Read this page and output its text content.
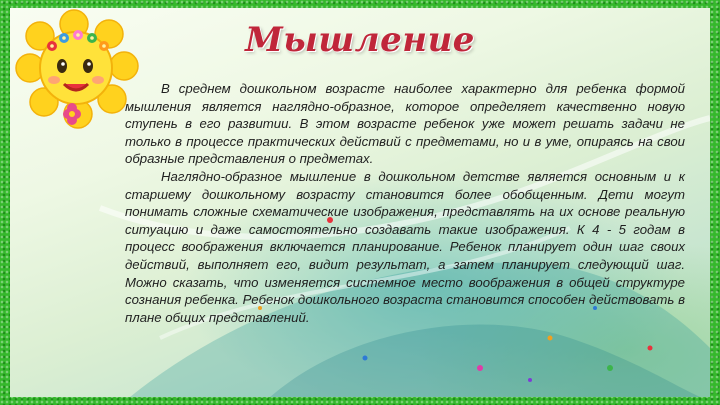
Мышление

В среднем дошкольном возрасте наиболее характерно для ребенка формой мышления является наглядно-образное, которое определяет качественно новую ступень в его развитии. В этом возрасте ребенок уже может решать задачи не только в процессе практических действий с предметами, но и в уме, опираясь на свои образные представления о предметах.

Наглядно-образное мышление в дошкольном детстве является основным и к старшему дошкольному возрасту становится более обобщенным. Дети могут понимать сложные схематические изображения, представлять на их основе реальную ситуацию и даже самостоятельно создавать такие изображения. К 4 - 5 годам в процесс воображения включается планирование. Ребенок планирует один шаг своих действий, выполняет его, видит результат, а затем планирует следующий шаг. Можно сказать, что изменяется системное место воображения в общей структуре сознания ребенка. Ребенок дошкольного возраста становится способен действовать в плане общих представлений.
